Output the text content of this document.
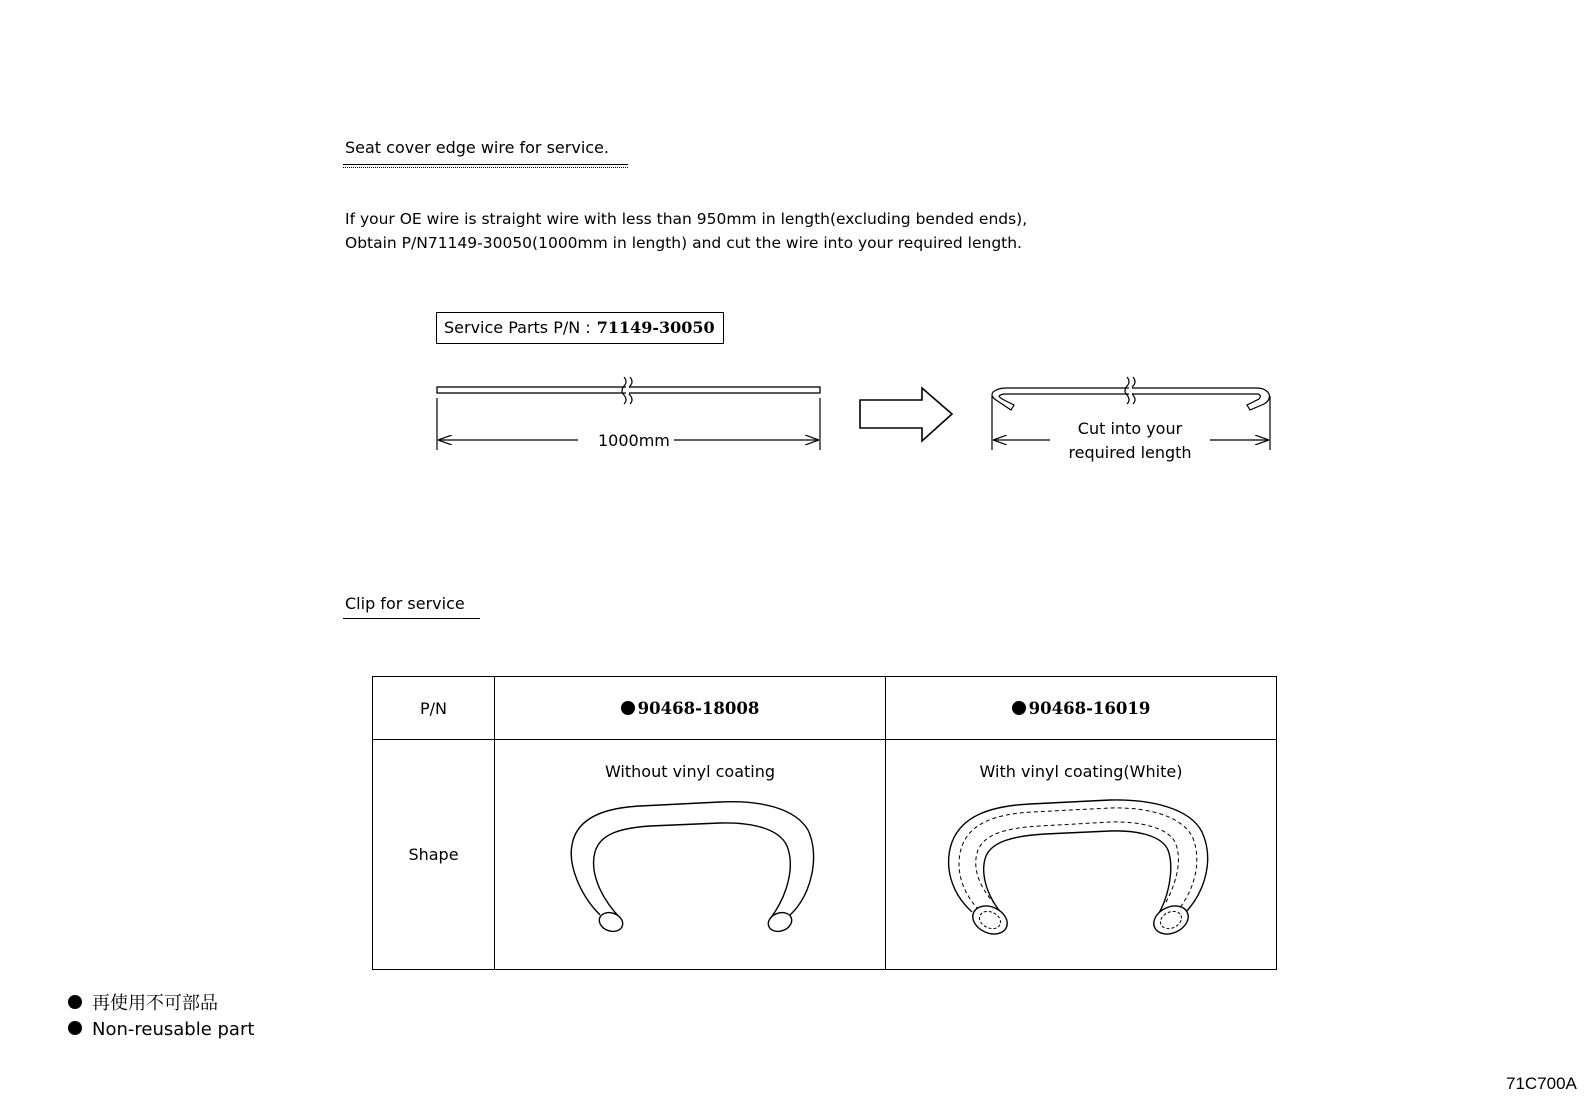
Seat cover edge wire for service.
If your OE wire is straight wire with less than 950mm in length(excluding bended ends),
Obtain P/N71149-30050(1000mm in length) and cut the wire into your required length.
Service Parts P/N : 71149-30050
1000mm
Cut into your
required length
Clip for service
P/N	90468-18008	90468-16019
Shape	Without vinyl coating	With vinyl coating(White)
再使用不可部品
Non-reusable part
71C700A
